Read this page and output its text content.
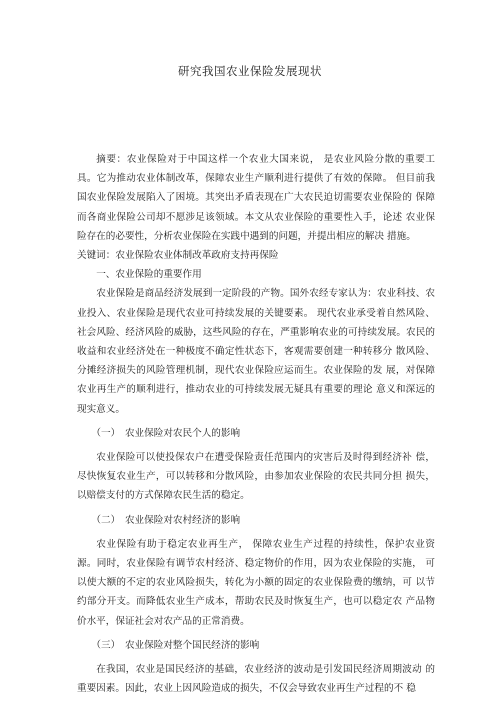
研究我国农业保险发展现状

摘要：农业保险对于中国这样一个农业大国来说， 是农业风险分散的重要工具。它为推动农业体制改革，保障农业生产顺利进行提供了有效的保障。 但目前我国农业保险发展陷入了困境。其突出矛盾表现在广大农民迫切需要农业保险的 保障而各商业保险公司却不愿涉足该领域。本文从农业保险的重要性入手，论述 农业保险存在的必要性，分析农业保险在实践中遇到的问题，并提出相应的解决 措施。

关键词：农业保险农业体制改革政府支持再保险

一、农业保险的重要作用

农业保险是商品经济发展到一定阶段的产物。国外农经专家认为：农业科技、农业投入、农业保险是现代农业可持续发展的关键要素。 现代农业承受着自然风险、社会风险、经济风险的威胁，这些风险的存在，严重影响农业的可持续发展。农民的收益和农业经济处在一种极度不确定性状态下，客观需要创建一种转移分 散风险、分摊经济损失的风险管理机制，现代农业保险应运而生。农业保险的发 展，对保障农业再生产的顺利进行，推动农业的可持续发展无疑具有重要的理论 意义和深远的现实意义。

（一）　农业保险对农民个人的影响

农业保险可以使投保农户在遭受保险责任范围内的灾害后及时得到经济补 偿，尽快恢复农业生产，可以转移和分散风险，由参加农业保险的农民共同分担 损失，以赔偿支付的方式保障农民生活的稳定。

（二）　农业保险对农村经济的影响

农业保险有助于稳定农业再生产， 保障农业生产过程的持续性，保护农业资源。同时，农业保险有调节农村经济、稳定物价的作用，因为农业保险的实施， 可以使大额的不定的农业风险损失，转化为小额的固定的农业保险费的缴纳，可 以节约部分开支。而降低农业生产成本，帮助农民及时恢复生产，也可以稳定农 产品物价水平，保证社会对农产品的正常消费。

（三）　农业保险对整个国民经济的影响

在我国，农业是国民经济的基础，农业经济的波动是引发国民经济周期波动 的重要因素。因此，农业上因风险造成的损失，不仅会导致农业再生产过程的不 稳
